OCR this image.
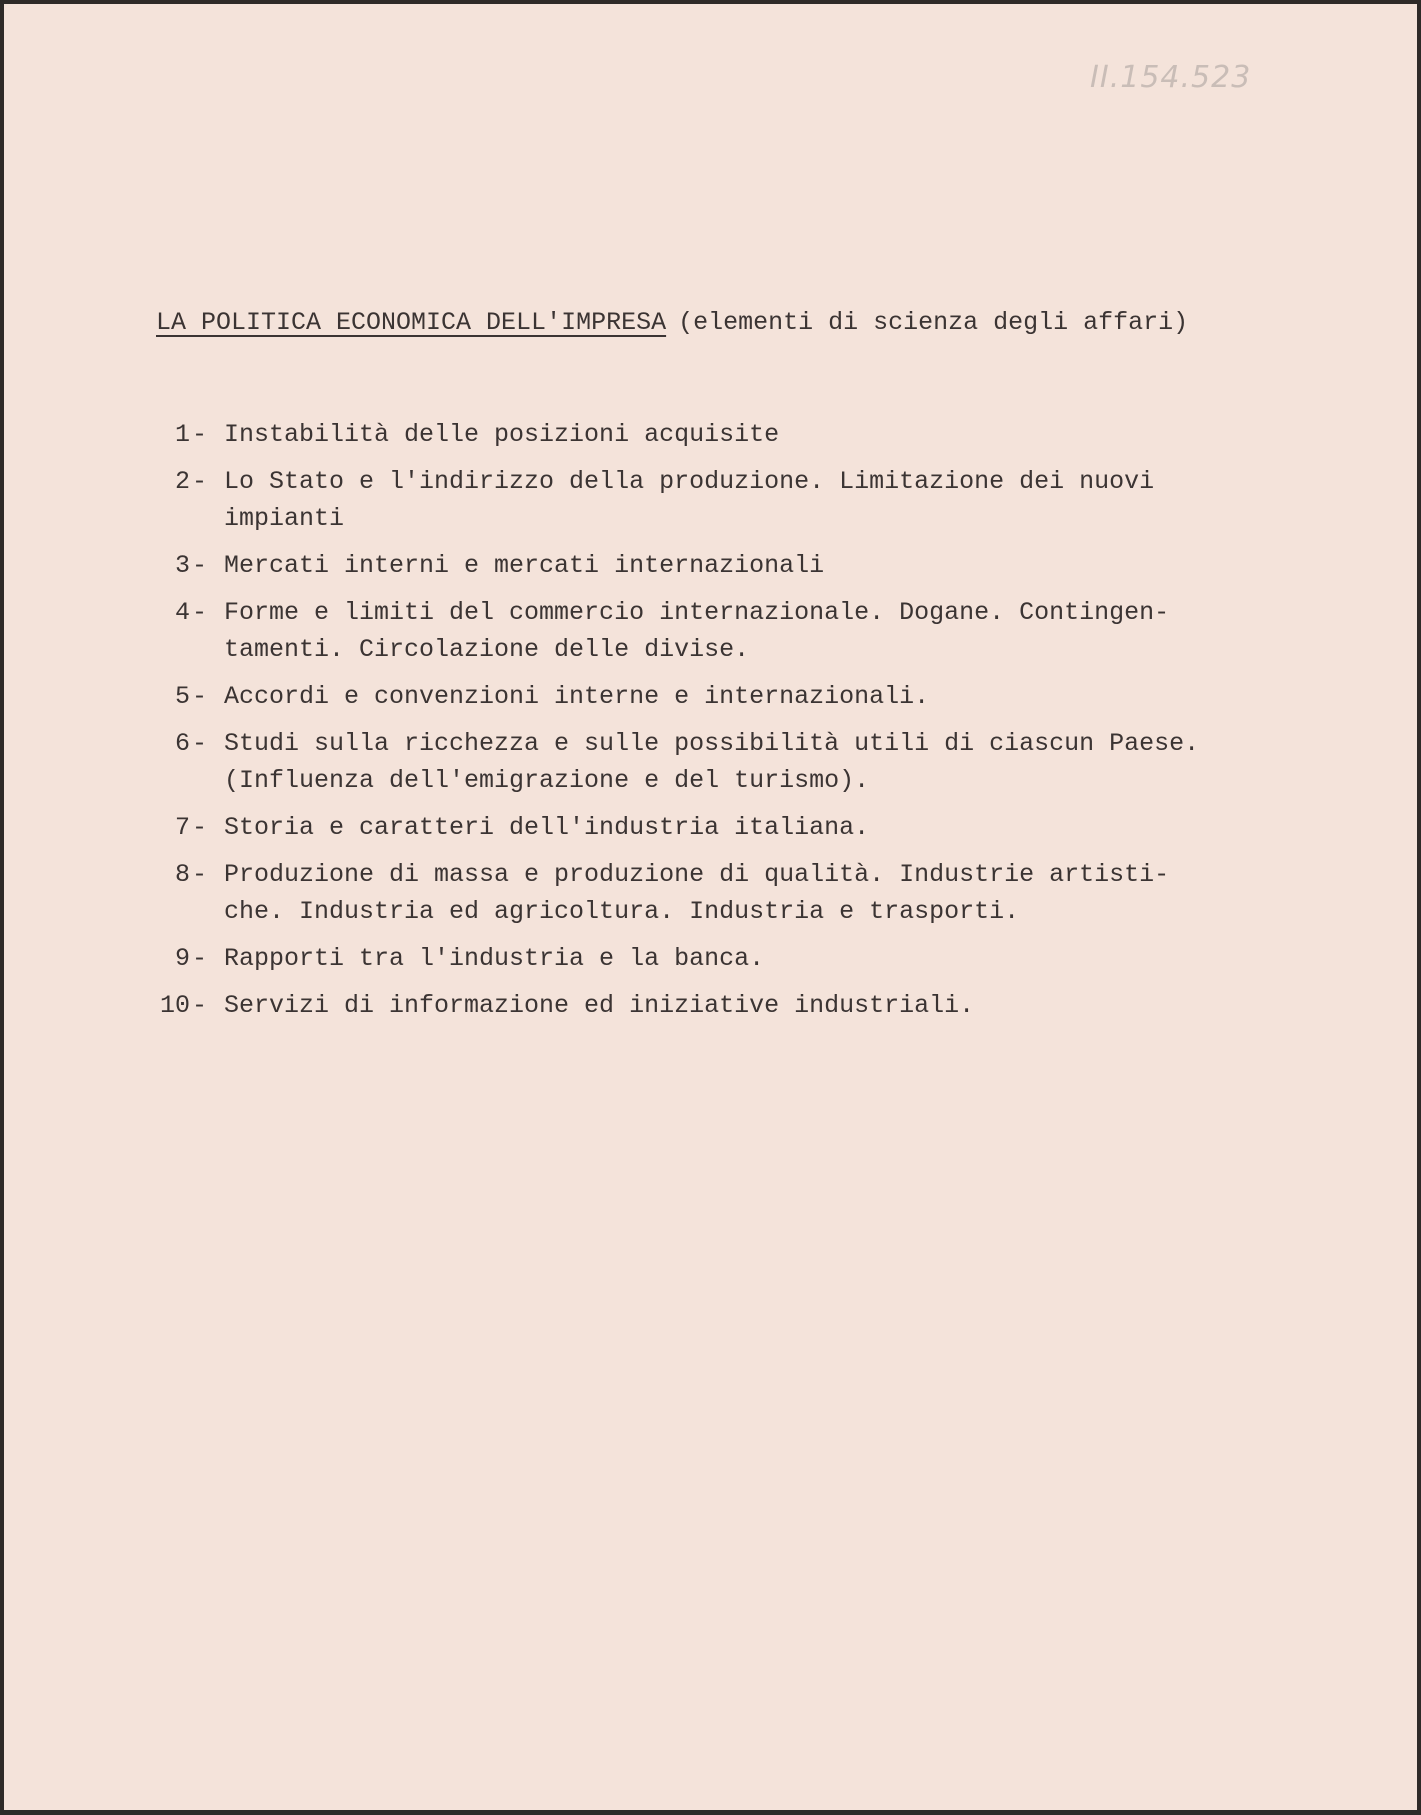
II.154.523
LA POLITICA ECONOMICA DELL'IMPRESA (elementi di scienza degli affari)
1 - Instabilità delle posizioni acquisite
2 - Lo Stato e l'indirizzo della produzione. Limitazione dei nuovi
impianti
3 - Mercati interni e mercati internazionali
4 - Forme e limiti del commercio internazionale. Dogane. Contingen-
tamenti. Circolazione delle divise.
5 - Accordi e convenzioni interne e internazionali.
6 - Studi sulla ricchezza e sulle possibilità utili di ciascun Paese.
(Influenza dell'emigrazione e del turismo).
7 - Storia e caratteri dell'industria italiana.
8 - Produzione di massa e produzione di qualità. Industrie artisti-
che. Industria ed agricoltura. Industria e trasporti.
9 - Rapporti tra l'industria e la banca.
10 - Servizi di informazione ed iniziative industriali.
